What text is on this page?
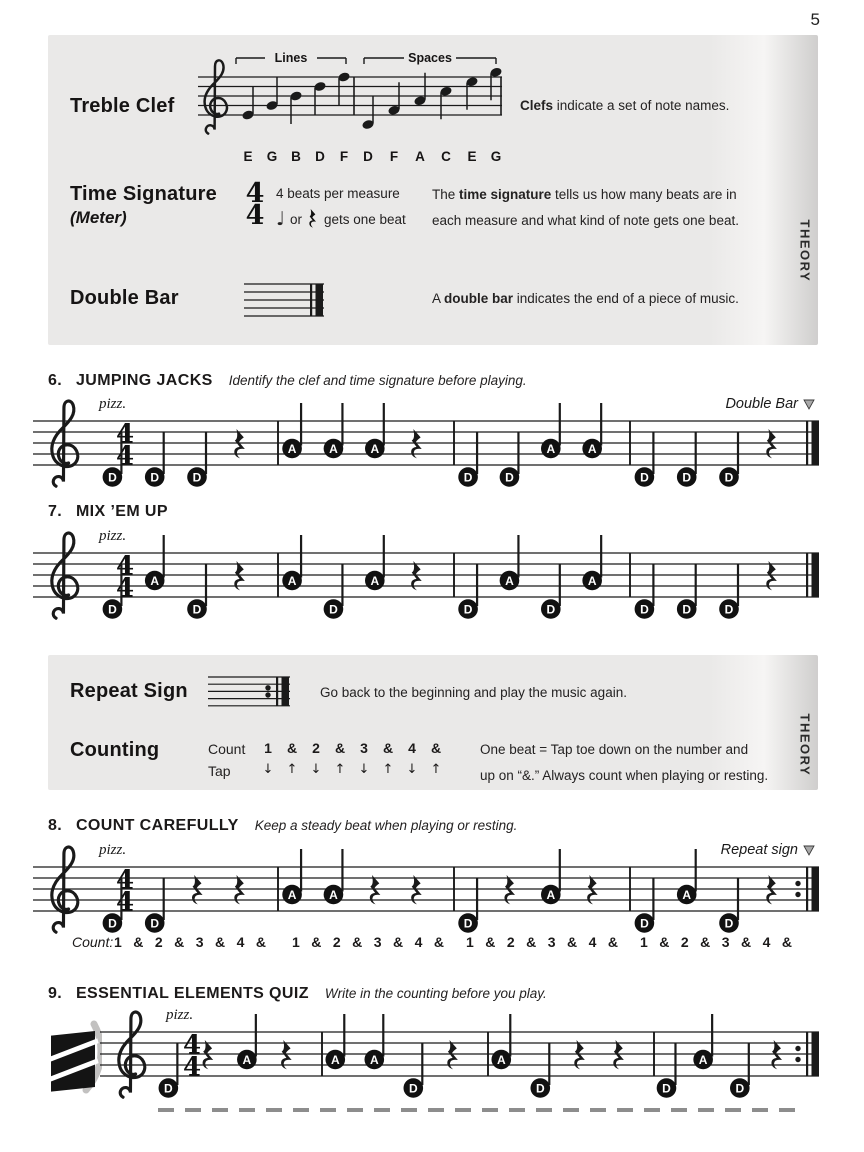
5
THEORY
Treble Clef
Lines	Spaces
E G B D F D F A C E G
Clefs indicate a set of note names.
Time Signature
(Meter)
4
4
4 beats per measure
♩ or gets one beat
The time signature tells us how many beats are in
each measure and what kind of note gets one beat.
Double Bar	A double bar indicates the end of a piece of music.
6. JUMPING JACKS Identify the clef and time signature before playing.
4
4
pizz.	Double Bar
D	D	D
A	A	A
D	D
A	A
D	D	D
7. MIX ’EM UP
4
4
pizz.
D
A
D
A
D
A
D
A
D
A
D	D	D
THEORY
Repeat Sign	Go back to the beginning and play the music again.
Counting	Count	1	&	2	&	3	&	4	&
Tap	↓	↑	↓	↑	↓	↑	↓	↑
One beat = Tap toe down on the number and
up on “&.” Always count when playing or resting.
8. COUNT CAREFULLY Keep a steady beat when playing or resting.
4
4
pizz.	Repeat sign
D	D
A	A
D
A
D
A
D
Count: 1 & 2 & 3 & 4 & 1 & 2 & 3 & 4 & 1 & 2 & 3 & 4 & 1 & 2 & 3 & 4 &
9. ESSENTIAL ELEMENTS QUIZ Write in the counting before you play.
4
4
pizz.
D
A	A	A
D
A
D	D
A
D
